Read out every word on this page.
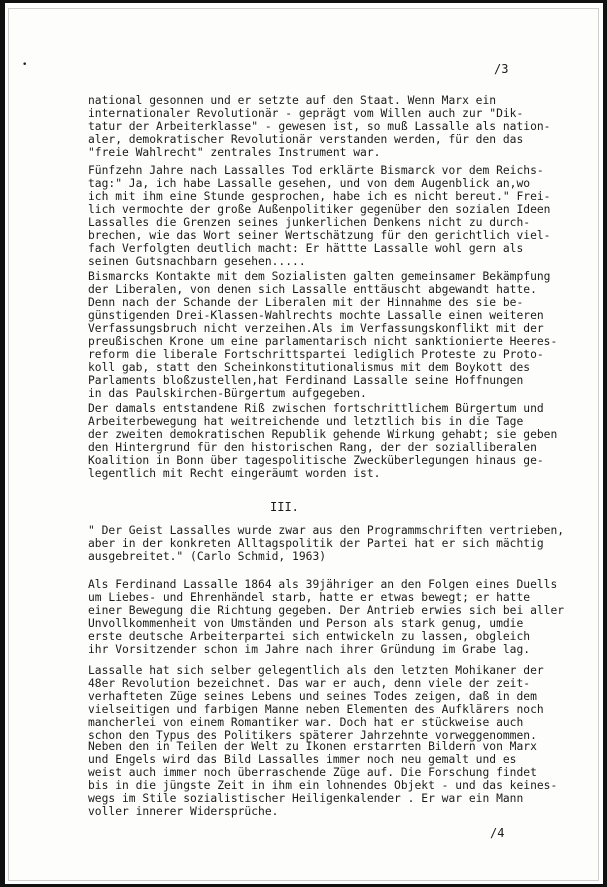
•	/3

national gesonnen und er setzte auf den Staat. Wenn Marx ein
internationaler Revolutionär - geprägt vom Willen auch zur "Dik-
tatur der Arbeiterklasse" - gewesen ist, so muß Lassalle als nation-
aler, demokratischer Revolutionär verstanden werden, für den das
"freie Wahlrecht" zentrales Instrument war.

Fünfzehn Jahre nach Lassalles Tod erklärte Bismarck vor dem Reichs-
tag:" Ja, ich habe Lassalle gesehen, und von dem Augenblick an,wo
ich mit ihm eine Stunde gesprochen, habe ich es nicht bereut." Frei-
lich vermochte der große Außenpolitiker gegenüber den sozialen Ideen
Lassalles die Grenzen seines junkerlichen Denkens nicht zu durch-
brechen, wie das Wort seiner Wertschätzung für den gerichtlich viel-
fach Verfolgten deutlich macht: Er hättte Lassalle wohl gern als
seinen Gutsnachbarn gesehen.....

Bismarcks Kontakte mit dem Sozialisten galten gemeinsamer Bekämpfung
der Liberalen, von denen sich Lassalle enttäuscht abgewandt hatte.
Denn nach der Schande der Liberalen mit der Hinnahme des sie be-
günstigenden Drei-Klassen-Wahlrechts mochte Lassalle einen weiteren
Verfassungsbruch nicht verzeihen.Als im Verfassungskonflikt mit der
preußischen Krone um eine parlamentarisch nicht sanktionierte Heeres-
reform die liberale Fortschrittspartei lediglich Proteste zu Proto-
koll gab, statt den Scheinkonstitutionalismus mit dem Boykott des
Parlaments bloßzustellen,hat Ferdinand Lassalle seine Hoffnungen
in das Paulskirchen-Bürgertum aufgegeben.

Der damals entstandene Riß zwischen fortschrittlichem Bürgertum und
Arbeiterbewegung hat weitreichende und letztlich bis in die Tage
der zweiten demokratischen Republik gehende Wirkung gehabt; sie geben
den Hintergrund für den historischen Rang, der der sozialliberalen
Koalition in Bonn über tagespolitische Zwecküberlegungen hinaus ge-
legentlich mit Recht eingeräumt worden ist.

III.

" Der Geist Lassalles wurde zwar aus den Programmschriften vertrieben,
aber in der konkreten Alltagspolitik der Partei hat er sich mächtig
ausgebreitet." (Carlo Schmid, 1963)

Als Ferdinand Lassalle 1864 als 39jähriger an den Folgen eines Duells
um Liebes- und Ehrenhändel starb, hatte er etwas bewegt; er hatte
einer Bewegung die Richtung gegeben. Der Antrieb erwies sich bei aller
Unvollkommenheit von Umständen und Person als stark genug, umdie
erste deutsche Arbeiterpartei sich entwickeln zu lassen, obgleich
ihr Vorsitzender schon im Jahre nach ihrer Gründung im Grabe lag.

Lassalle hat sich selber gelegentlich als den letzten Mohikaner der
48er Revolution bezeichnet. Das war er auch, denn viele der zeit-
verhafteten Züge seines Lebens und seines Todes zeigen, daß in dem
vielseitigen und farbigen Manne neben Elementen des Aufklärers noch
mancherlei von einem Romantiker war. Doch hat er stückweise auch
schon den Typus des Politikers späterer Jahrzehnte vorweggenommen.

Neben den in Teilen der Welt zu Ikonen erstarrten Bildern von Marx
und Engels wird das Bild Lassalles immer noch neu gemalt und es
weist auch immer noch überraschende Züge auf. Die Forschung findet
bis in die jüngste Zeit in ihm ein lohnendes Objekt - und das keines-
wegs im Stile sozialistischer Heiligenkalender . Er war ein Mann
voller innerer Widersprüche.

/4
